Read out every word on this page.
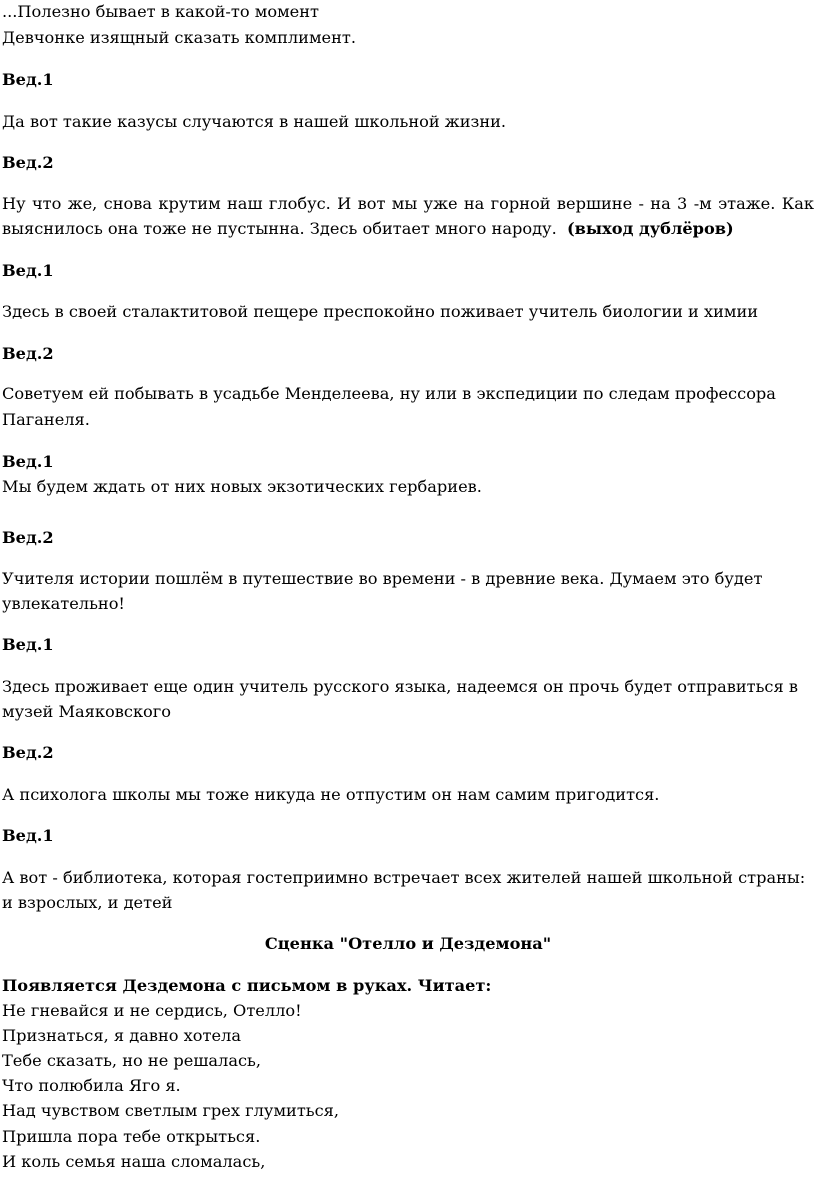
...Полезно бывает в какой-то момент
Девчонке изящный сказать комплимент.
Вед.1
Да вот такие казусы случаются в нашей школьной жизни.
Вед.2
Ну что же, снова крутим наш глобус. И вот мы уже на горной вершине - на 3 -м этаже. Как
выяснилось она тоже не пустынна. Здесь обитает много народу. (выход дублёров)
Вед.1
Здесь в своей сталактитовой пещере преспокойно поживает учитель биологии и химии
Вед.2
Советуем ей побывать в усадьбе Менделеева, ну или в экспедиции по следам профессора
Паганеля.
Вед.1
Мы будем ждать от них новых экзотических гербариев.
Вед.2
Учителя истории пошлём в путешествие во времени - в древние века. Думаем это будет
увлекательно!
Вед.1
Здесь проживает еще один учитель русского языка, надеемся он прочь будет отправиться в
музей Маяковского
Вед.2
А психолога школы мы тоже никуда не отпустим он нам самим пригодится.
Вед.1
А вот - библиотека, которая гостеприимно встречает всех жителей нашей школьной страны:
и взрослых, и детей
Сценка "Отелло и Дездемона"
Появляется Дездемона с письмом в руках. Читает:
Не гневайся и не сердись, Отелло!
Признаться, я давно хотела
Тебе сказать, но не решалась,
Что полюбила Яго я.
Над чувством светлым грех глумиться,
Пришла пора тебе открыться.
И коль семья наша сломалась,
